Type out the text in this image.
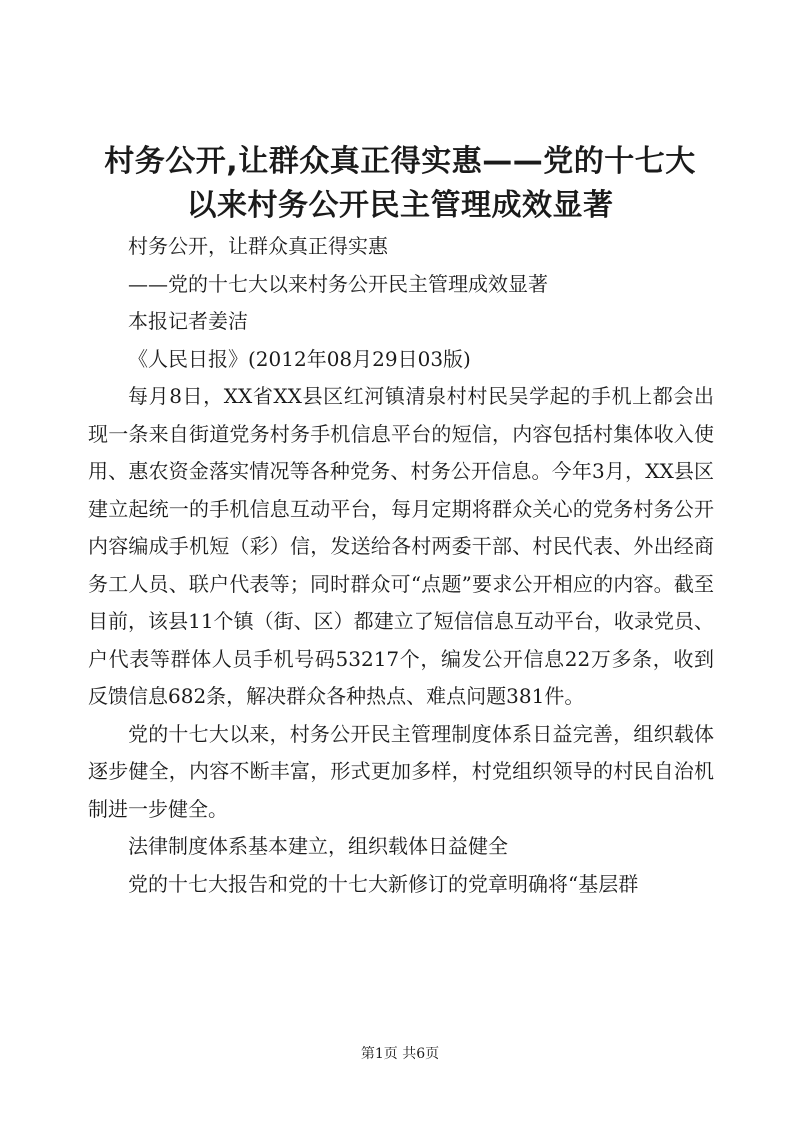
村务公开,让群众真正得实惠——党的十七大
以来村务公开民主管理成效显著

村务公开，让群众真正得实惠

——党的十七大以来村务公开民主管理成效显著

本报记者姜洁

《人民日报》(2012年08月29日03版)

每月8日，XX省XX县区红河镇清泉村村民吴学起的手机上都会出现一条来自街道党务村务手机信息平台的短信，内容包括村集体收入使用、惠农资金落实情况等各种党务、村务公开信息。今年3月，XX县区建立起统一的手机信息互动平台，每月定期将群众关心的党务村务公开内容编成手机短（彩）信，发送给各村两委干部、村民代表、外出经商务工人员、联户代表等；同时群众可“点题”要求公开相应的内容。截至目前，该县11个镇（街、区）都建立了短信信息互动平台，收录党员、户代表等群体人员手机号码53217个，编发公开信息22万多条，收到反馈信息682条，解决群众各种热点、难点问题381件。

党的十七大以来，村务公开民主管理制度体系日益完善，组织载体逐步健全，内容不断丰富，形式更加多样，村党组织领导的村民自治机制进一步健全。

法律制度体系基本建立，组织载体日益健全

党的十七大报告和党的十七大新修订的党章明确将“基层群

第1页 共6页
